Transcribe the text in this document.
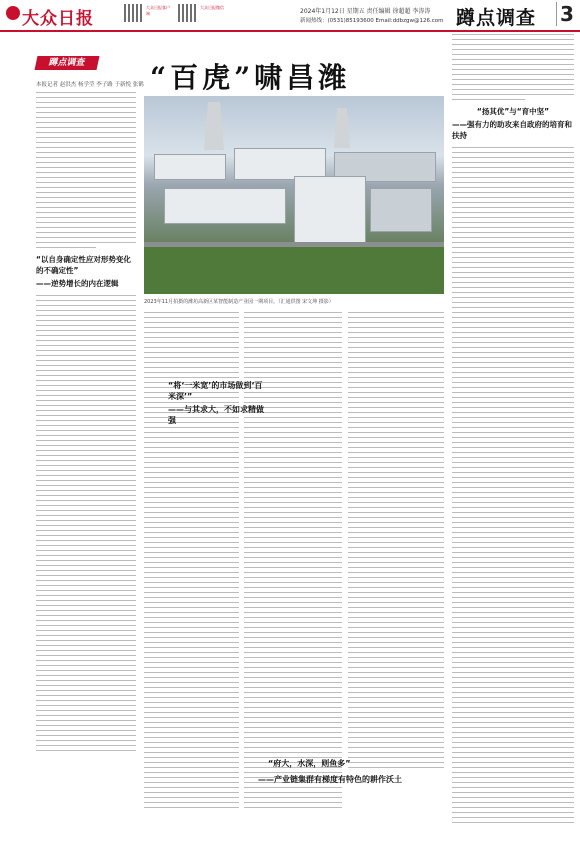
大众日报
大众日报客户端
大众日报微信
2024年1月12日 星期五 责任编辑 徐超超 李涛涛
新闻热线：(0531)85193600 Email:ddbzgw@126.com 蹲点调查 3
蹲点调查
本报记者 赵洪杰 杨学莹 李子路 于新悦 张鹤 “百虎”啸昌潍
“以自身确定性应对形势变化的不确定性”
——逆势增长的内在逻辑
2023年11月拍摄的潍坊高新区某智能制造产业园一期项目。（汇通供图 宋文坤 摄影）
“将‘一米宽’的市场做到‘百米深’”
——与其求大，不如求精做强
“府大，水深，则鱼多”
——产业链集群有梯度有特色的耕作沃土
“扬其优”与“育中坚”
——强有力的助攻来自政府的培育和扶持
